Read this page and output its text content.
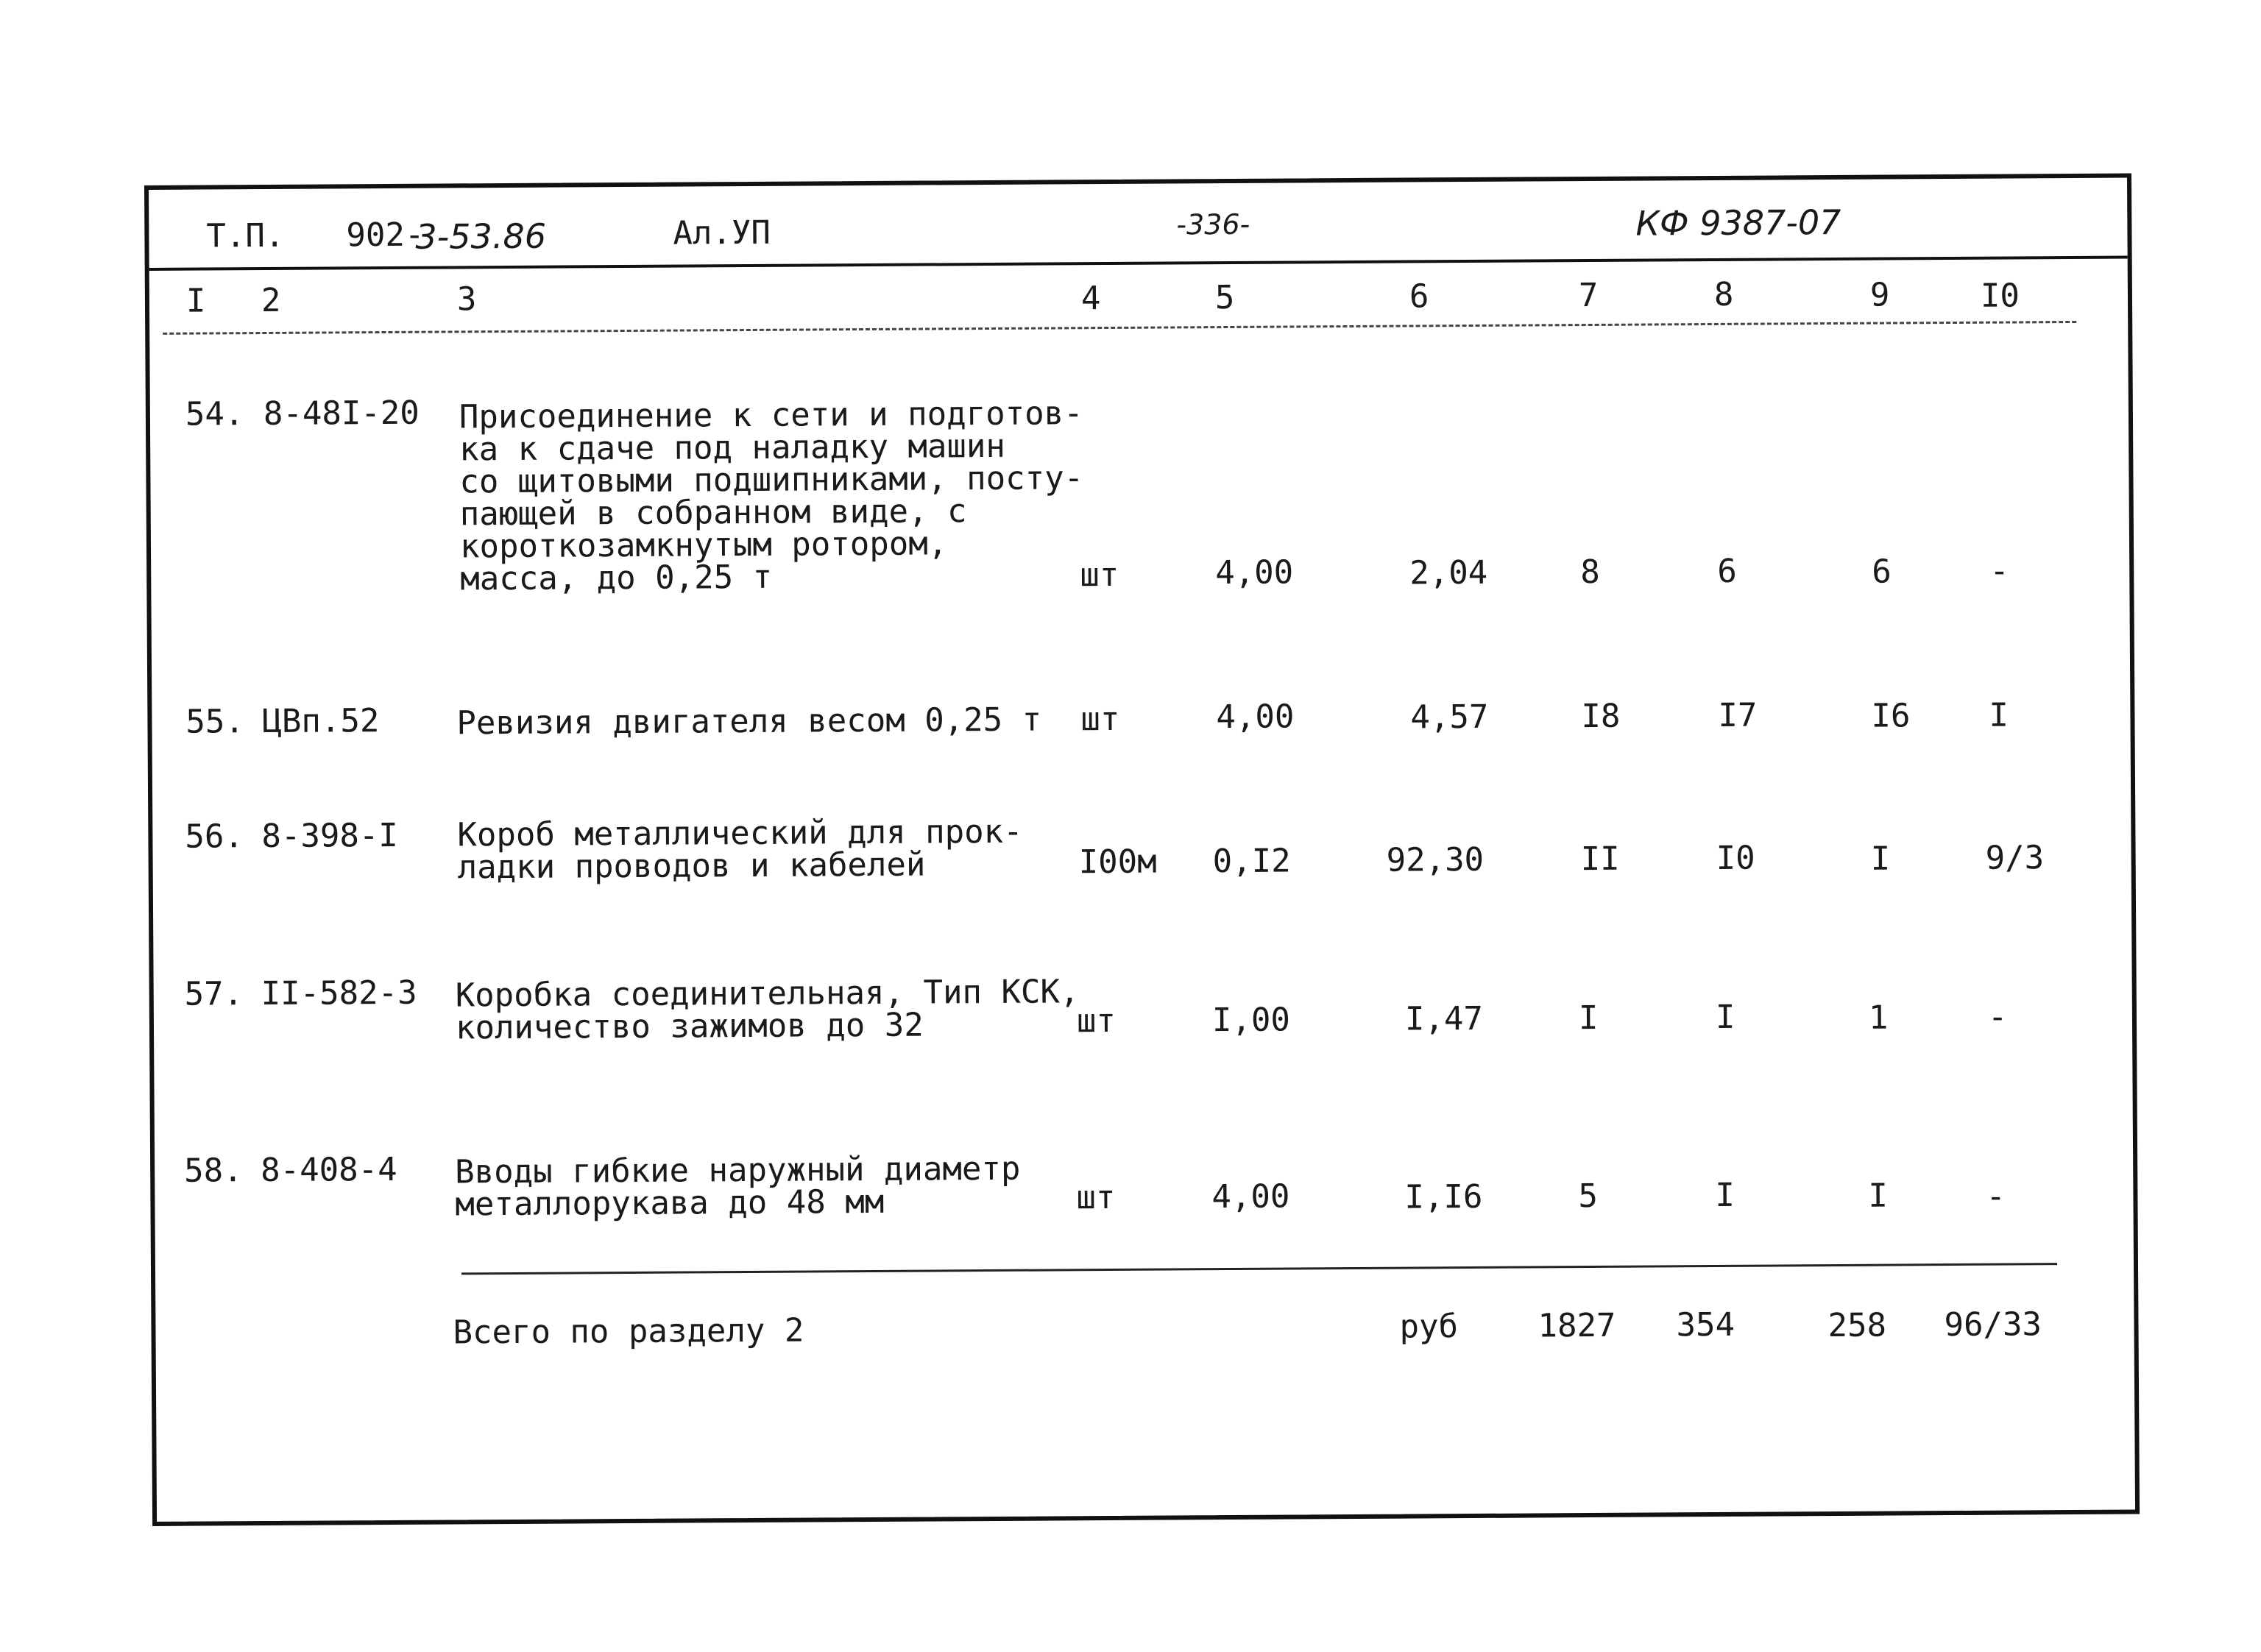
Т.П. 902-
3-53.86	Ал.УП	-336-	КФ 9387-07
I 2	3	4	5	6	7	8	9	I0
54. 8-48I-20 Присоединение к сети и подготов-
ка к сдаче под наладку машин
со щитовыми подшипниками, посту-
пающей в собранном виде, с
короткозамкнутым ротором,
масса, до 0,25 т	шт	4,00	2,04	8	6	6	-
55. ЦВп.52 Ревизия двигателя весом 0,25 т шт	4,00	4,57	I8	I7	I6 I
56. 8-398-I Короб металлический для прок-
ладки проводов и кабелей	I00м 0,I2	92,30	II	I0	I	9/3
57. II-582-3 Коробка соединительная, Тип КСК,
количество зажимов до 32	шт	I,00	I,47	I	I	1	-
58. 8-408-4 Вводы гибкие наружный диаметр
металлорукава до 48 мм	шт	4,00	I,I6	5	I	I	-
Всего по разделу 2	руб 1827 354	258 96/33
